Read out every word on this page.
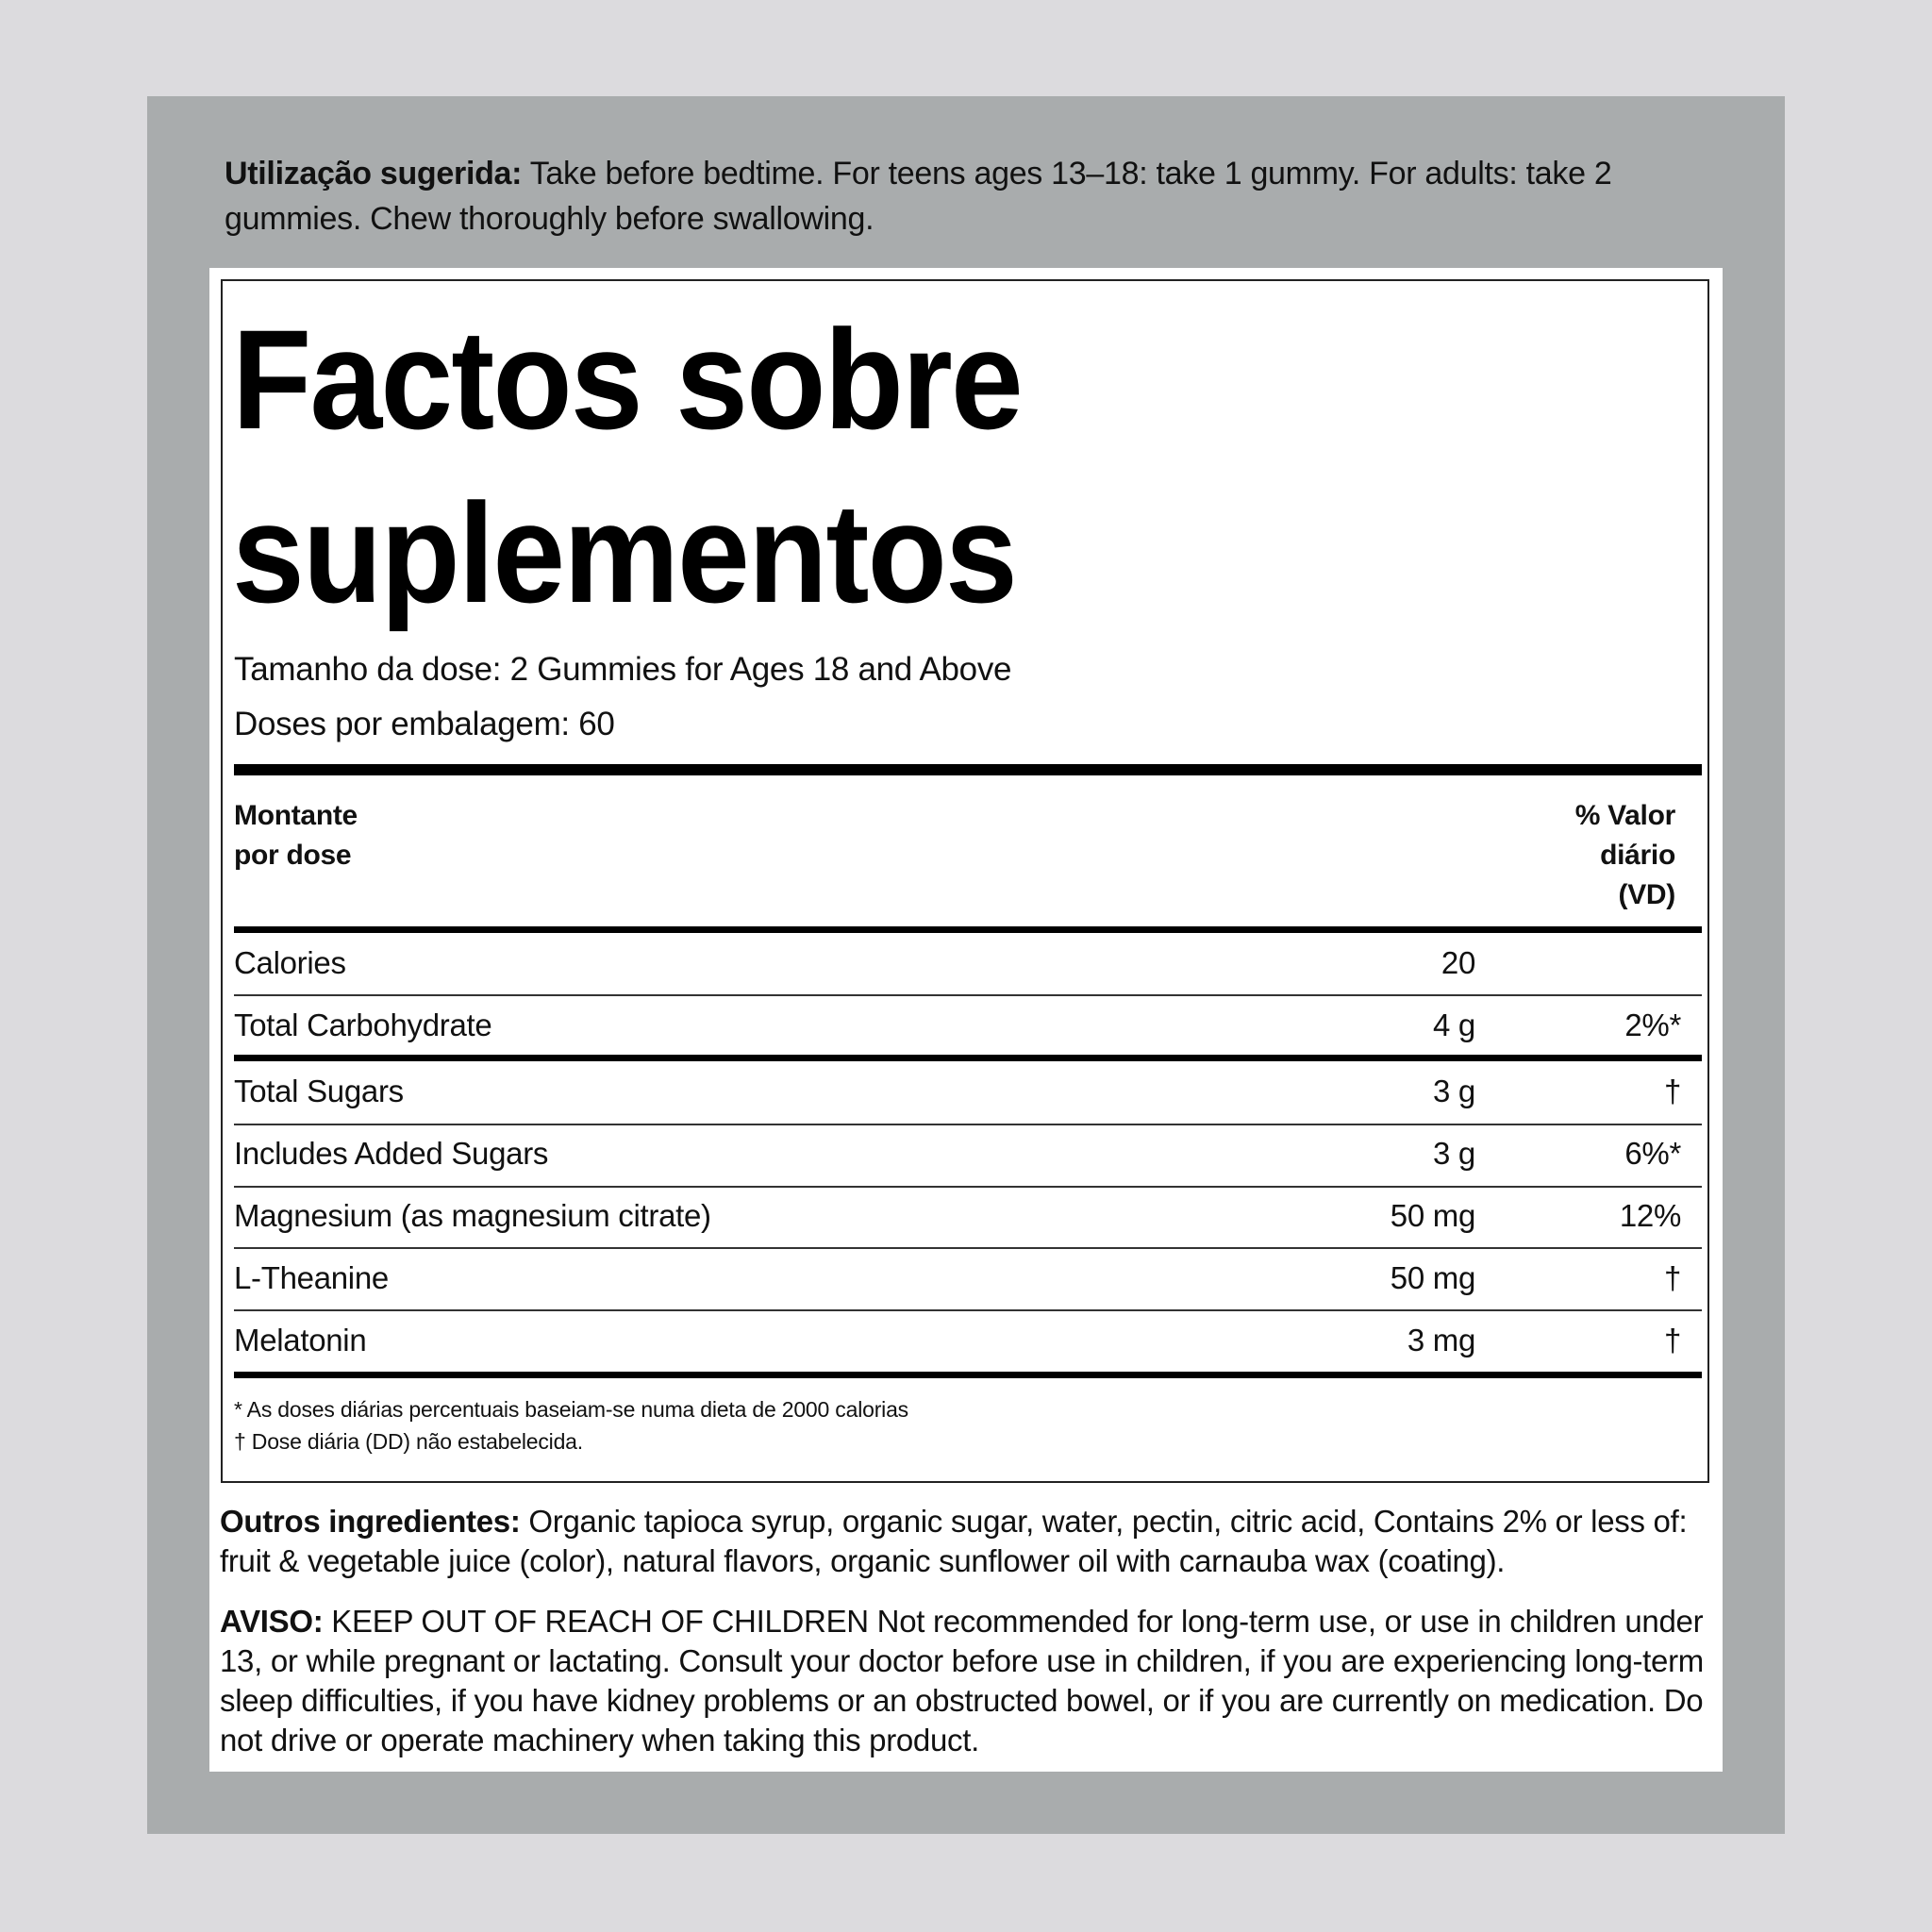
Utilização sugerida: Take before bedtime. For teens ages 13–18: take 1 gummy. For adults: take 2 gummies. Chew thoroughly before swallowing.
Factos sobre
suplementos
Tamanho da dose: 2 Gummies for Ages 18 and Above
Doses por embalagem: 60
Montante
por dose
% Valor
diário
(VD)
Calories	20
Total Carbohydrate	4 g	2%*
Total Sugars	3 g	†
Includes Added Sugars	3 g	6%*
Magnesium (as magnesium citrate)	50 mg	12%
L-Theanine	50 mg	†
Melatonin	3 mg	†
* As doses diárias percentuais baseiam-se numa dieta de 2000 calorias
† Dose diária (DD) não estabelecida.
Outros ingredientes: Organic tapioca syrup, organic sugar, water, pectin, citric acid, Contains 2% or less of: fruit & vegetable juice (color), natural flavors, organic sunflower oil with carnauba wax (coating).
AVISO: KEEP OUT OF REACH OF CHILDREN Not recommended for long-term use, or use in children under 13, or while pregnant or lactating. Consult your doctor before use in children, if you are experiencing long-term sleep difficulties, if you have kidney problems or an obstructed bowel, or if you are currently on medication. Do not drive or operate machinery when taking this product.
